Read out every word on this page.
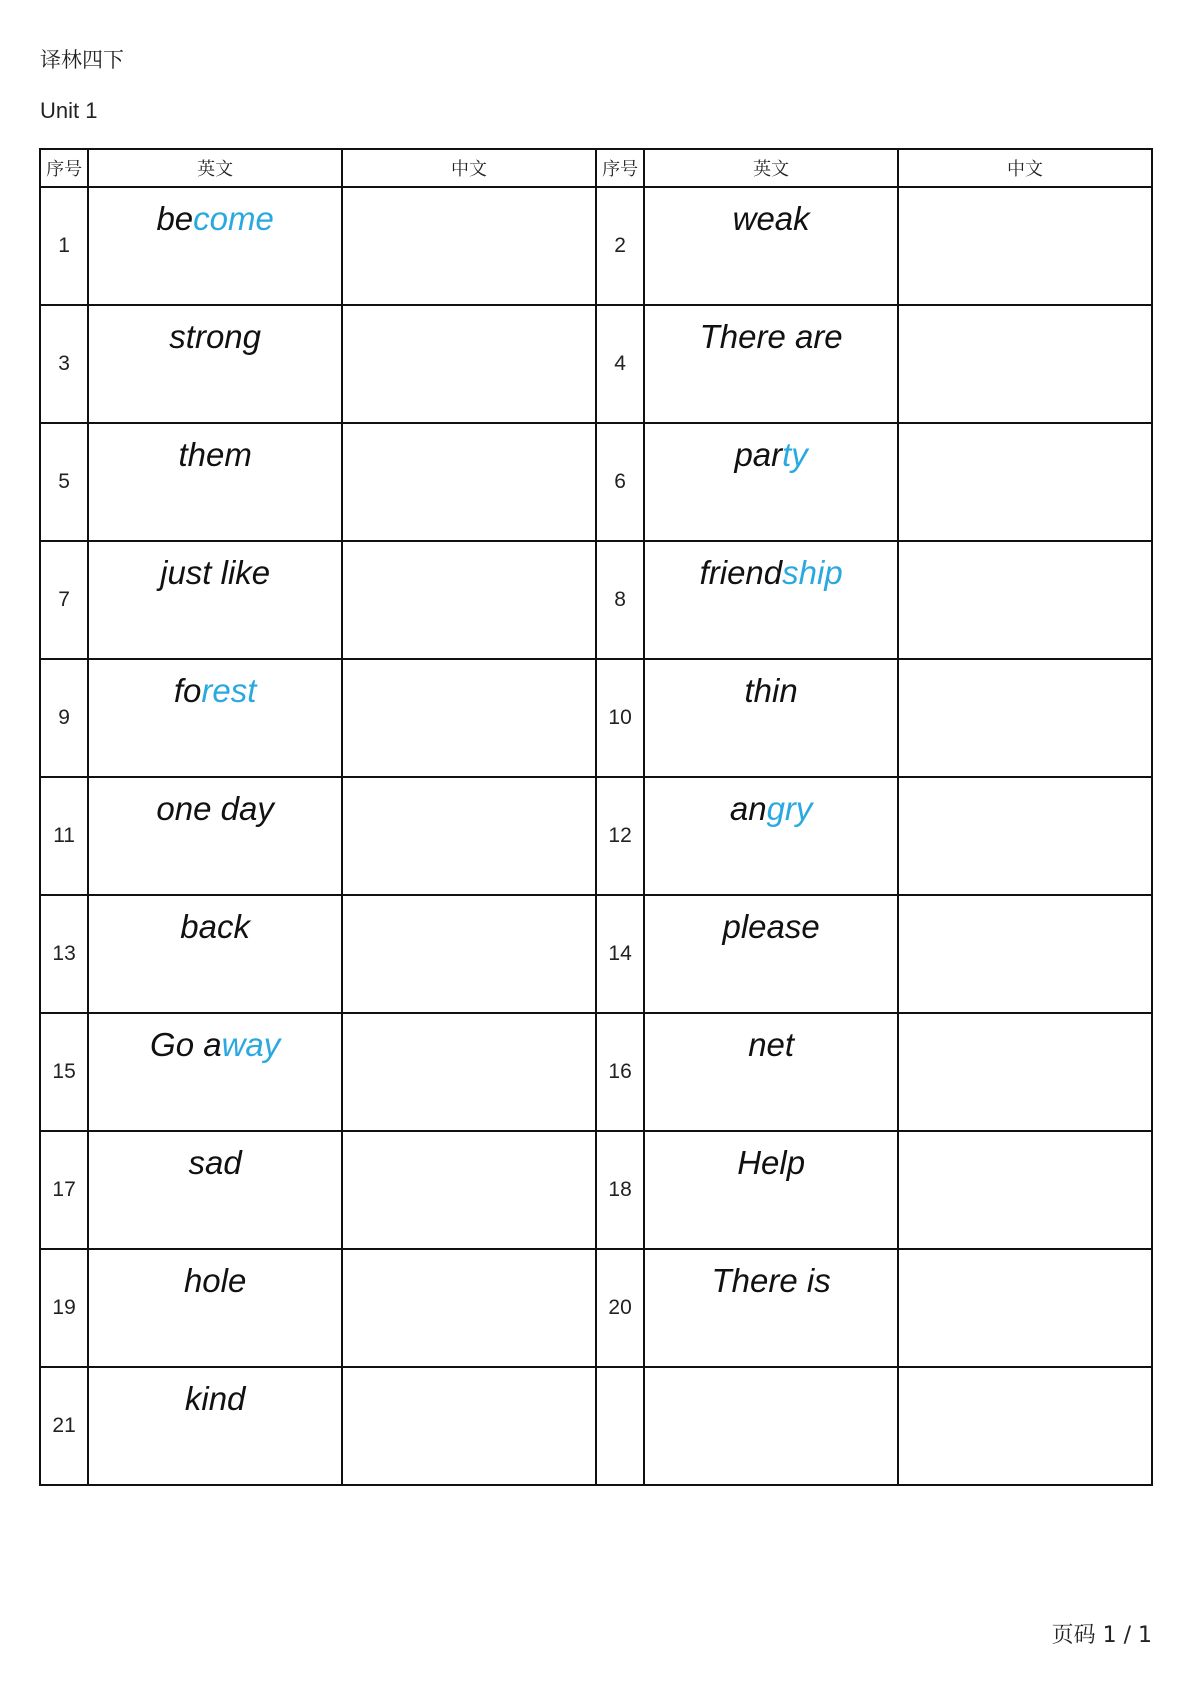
译林四下
Unit 1
序号	英文	中文	序号	英文	中文
1	become		2	weak	
3	strong		4	There are	
5	them		6	party	
7	just like		8	friendship	
9	forest		10	thin	
11	one day		12	angry	
13	back		14	please	
15	Go away		16	net	
17	sad		18	Help	
19	hole		20	There is	
21	kind				
页码 1 / 1
